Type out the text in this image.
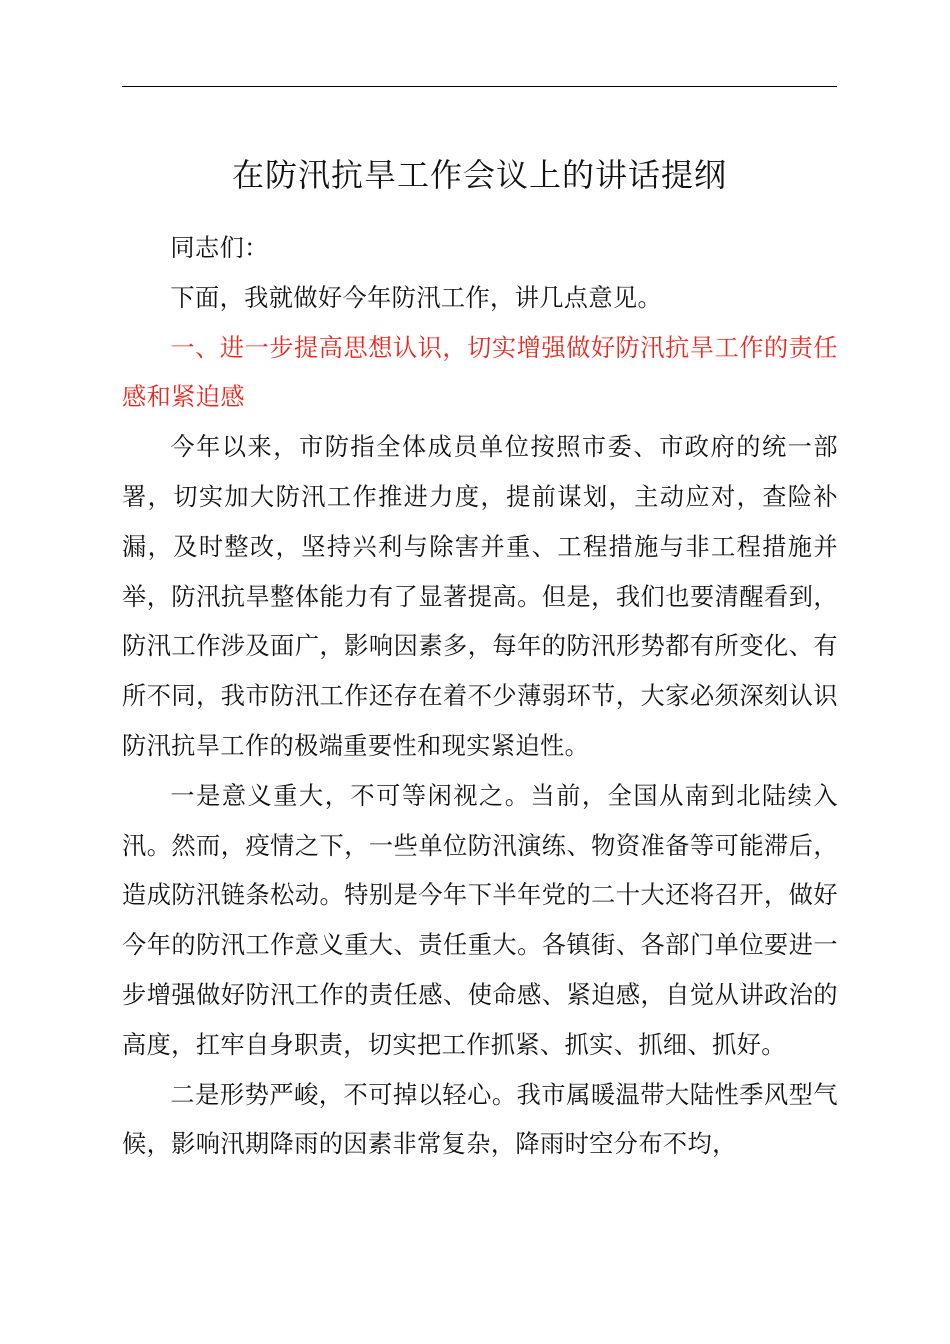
在防汛抗旱工作会议上的讲话提纲

同志们：

下面，我就做好今年防汛工作，讲几点意见。

一、进一步提高思想认识，切实增强做好防汛抗旱工作的责任感和紧迫感

今年以来，市防指全体成员单位按照市委、市政府的统一部署，切实加大防汛工作推进力度，提前谋划，主动应对，查险补漏，及时整改，坚持兴利与除害并重、工程措施与非工程措施并举，防汛抗旱整体能力有了显著提高。但是，我们也要清醒看到，防汛工作涉及面广，影响因素多，每年的防汛形势都有所变化、有所不同，我市防汛工作还存在着不少薄弱环节，大家必须深刻认识防汛抗旱工作的极端重要性和现实紧迫性。

一是意义重大，不可等闲视之。当前，全国从南到北陆续入汛。然而，疫情之下，一些单位防汛演练、物资准备等可能滞后，造成防汛链条松动。特别是今年下半年党的二十大还将召开，做好今年的防汛工作意义重大、责任重大。各镇街、各部门单位要进一步增强做好防汛工作的责任感、使命感、紧迫感，自觉从讲政治的高度，扛牢自身职责，切实把工作抓紧、抓实、抓细、抓好。

二是形势严峻，不可掉以轻心。我市属暖温带大陆性季风型气候，影响汛期降雨的因素非常复杂，降雨时空分布不均，
